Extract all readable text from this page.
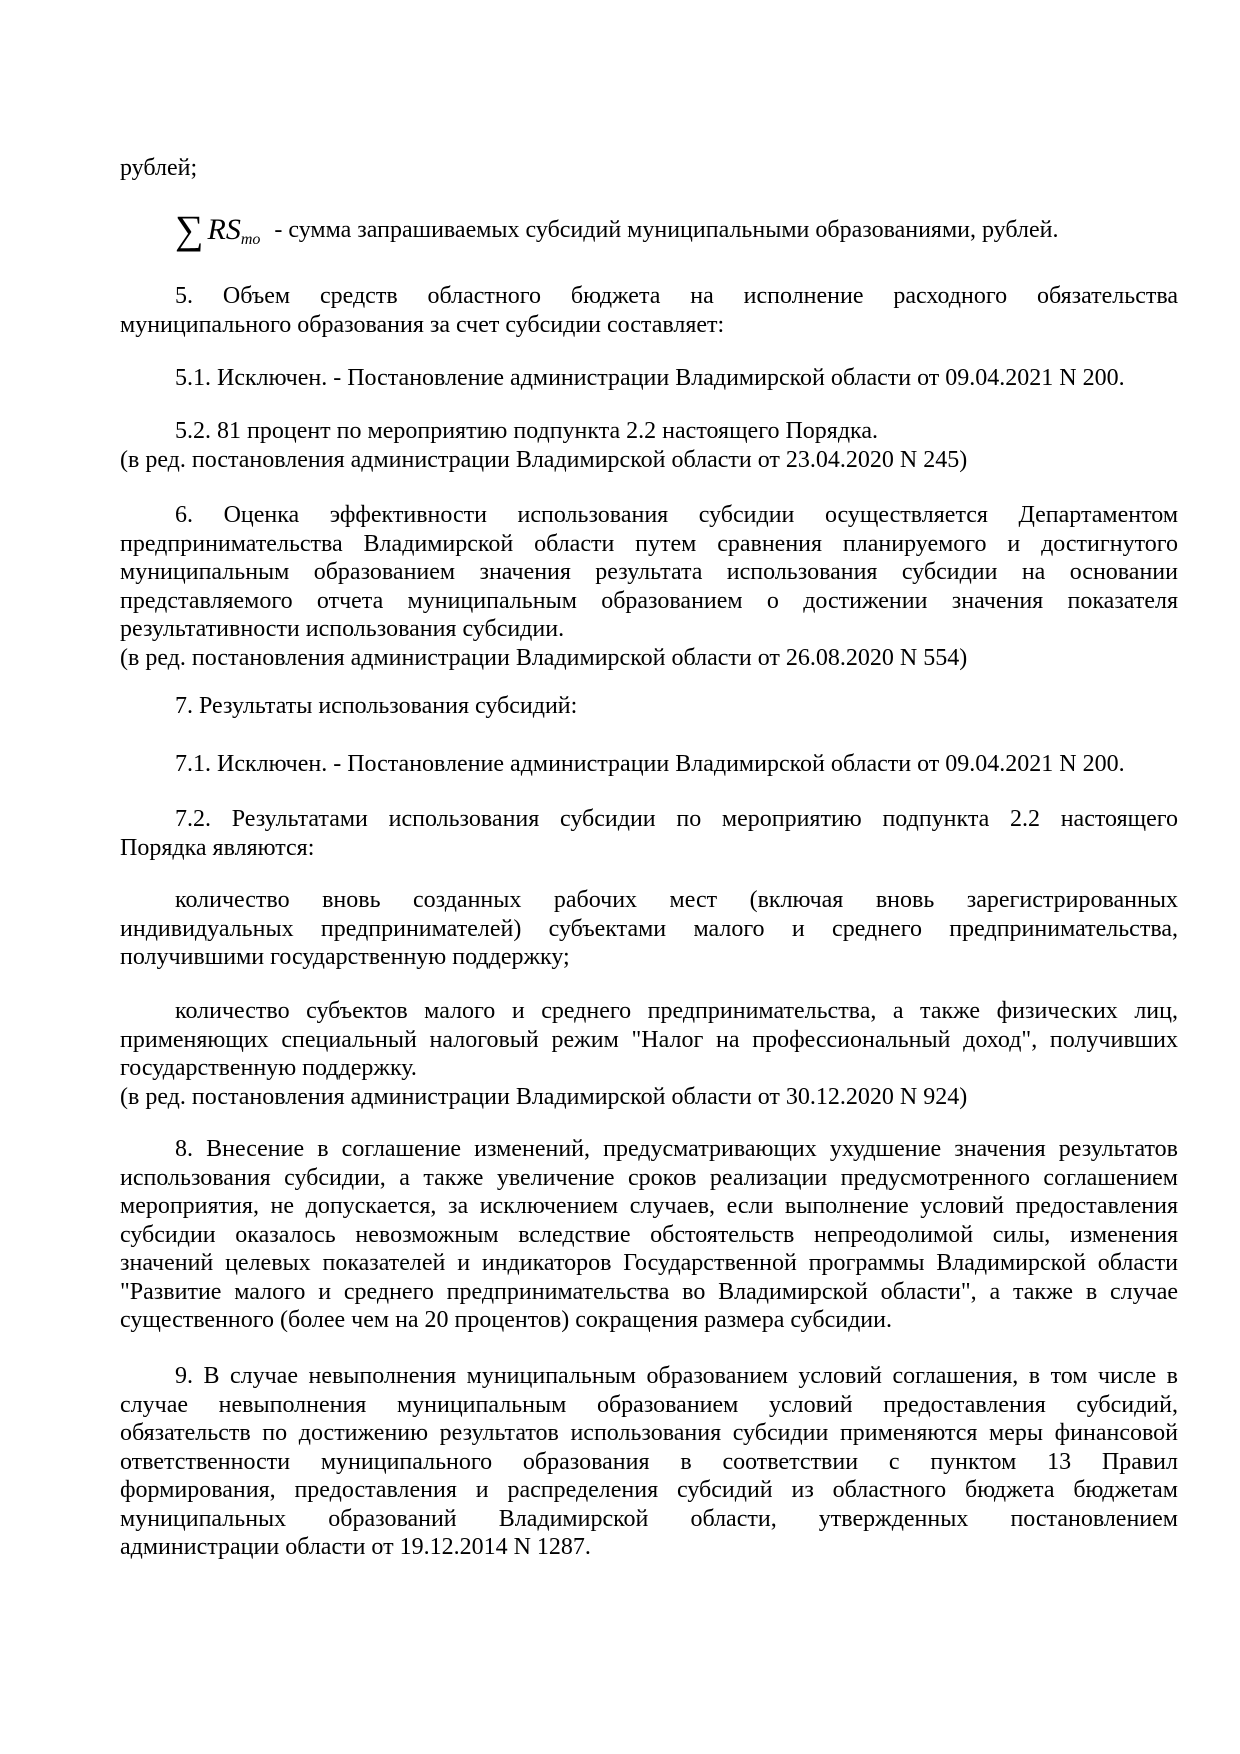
рублей;
∑ RS mo - сумма запрашиваемых субсидий муниципальными образованиями, рублей.
5. Объем средств областного бюджета на исполнение расходного обязательства
муниципального образования за счет субсидии составляет:
5.1. Исключен. - Постановление администрации Владимирской области от 09.04.2021 N 200.
5.2. 81 процент по мероприятию подпункта 2.2 настоящего Порядка.
(в ред. постановления администрации Владимирской области от 23.04.2020 N 245)
6. Оценка эффективности использования субсидии осуществляется Департаментом
предпринимательства Владимирской области путем сравнения планируемого и достигнутого
муниципальным образованием значения результата использования субсидии на основании
представляемого отчета муниципальным образованием о достижении значения показателя
результативности использования субсидии.
(в ред. постановления администрации Владимирской области от 26.08.2020 N 554)
7. Результаты использования субсидий:
7.1. Исключен. - Постановление администрации Владимирской области от 09.04.2021 N 200.
7.2. Результатами использования субсидии по мероприятию подпункта 2.2 настоящего
Порядка являются:
количество вновь созданных рабочих мест (включая вновь зарегистрированных
индивидуальных предпринимателей) субъектами малого и среднего предпринимательства,
получившими государственную поддержку;
количество субъектов малого и среднего предпринимательства, а также физических лиц,
применяющих специальный налоговый режим "Налог на профессиональный доход", получивших
государственную поддержку.
(в ред. постановления администрации Владимирской области от 30.12.2020 N 924)
8. Внесение в соглашение изменений, предусматривающих ухудшение значения результатов
использования субсидии, а также увеличение сроков реализации предусмотренного соглашением
мероприятия, не допускается, за исключением случаев, если выполнение условий предоставления
субсидии оказалось невозможным вследствие обстоятельств непреодолимой силы, изменения
значений целевых показателей и индикаторов Государственной программы Владимирской области
"Развитие малого и среднего предпринимательства во Владимирской области", а также в случае
существенного (более чем на 20 процентов) сокращения размера субсидии.
9. В случае невыполнения муниципальным образованием условий соглашения, в том числе в
случае невыполнения муниципальным образованием условий предоставления субсидий,
обязательств по достижению результатов использования субсидии применяются меры финансовой
ответственности муниципального образования в соответствии с пунктом 13 Правил
формирования, предоставления и распределения субсидий из областного бюджета бюджетам
муниципальных образований Владимирской области, утвержденных постановлением
администрации области от 19.12.2014 N 1287.
